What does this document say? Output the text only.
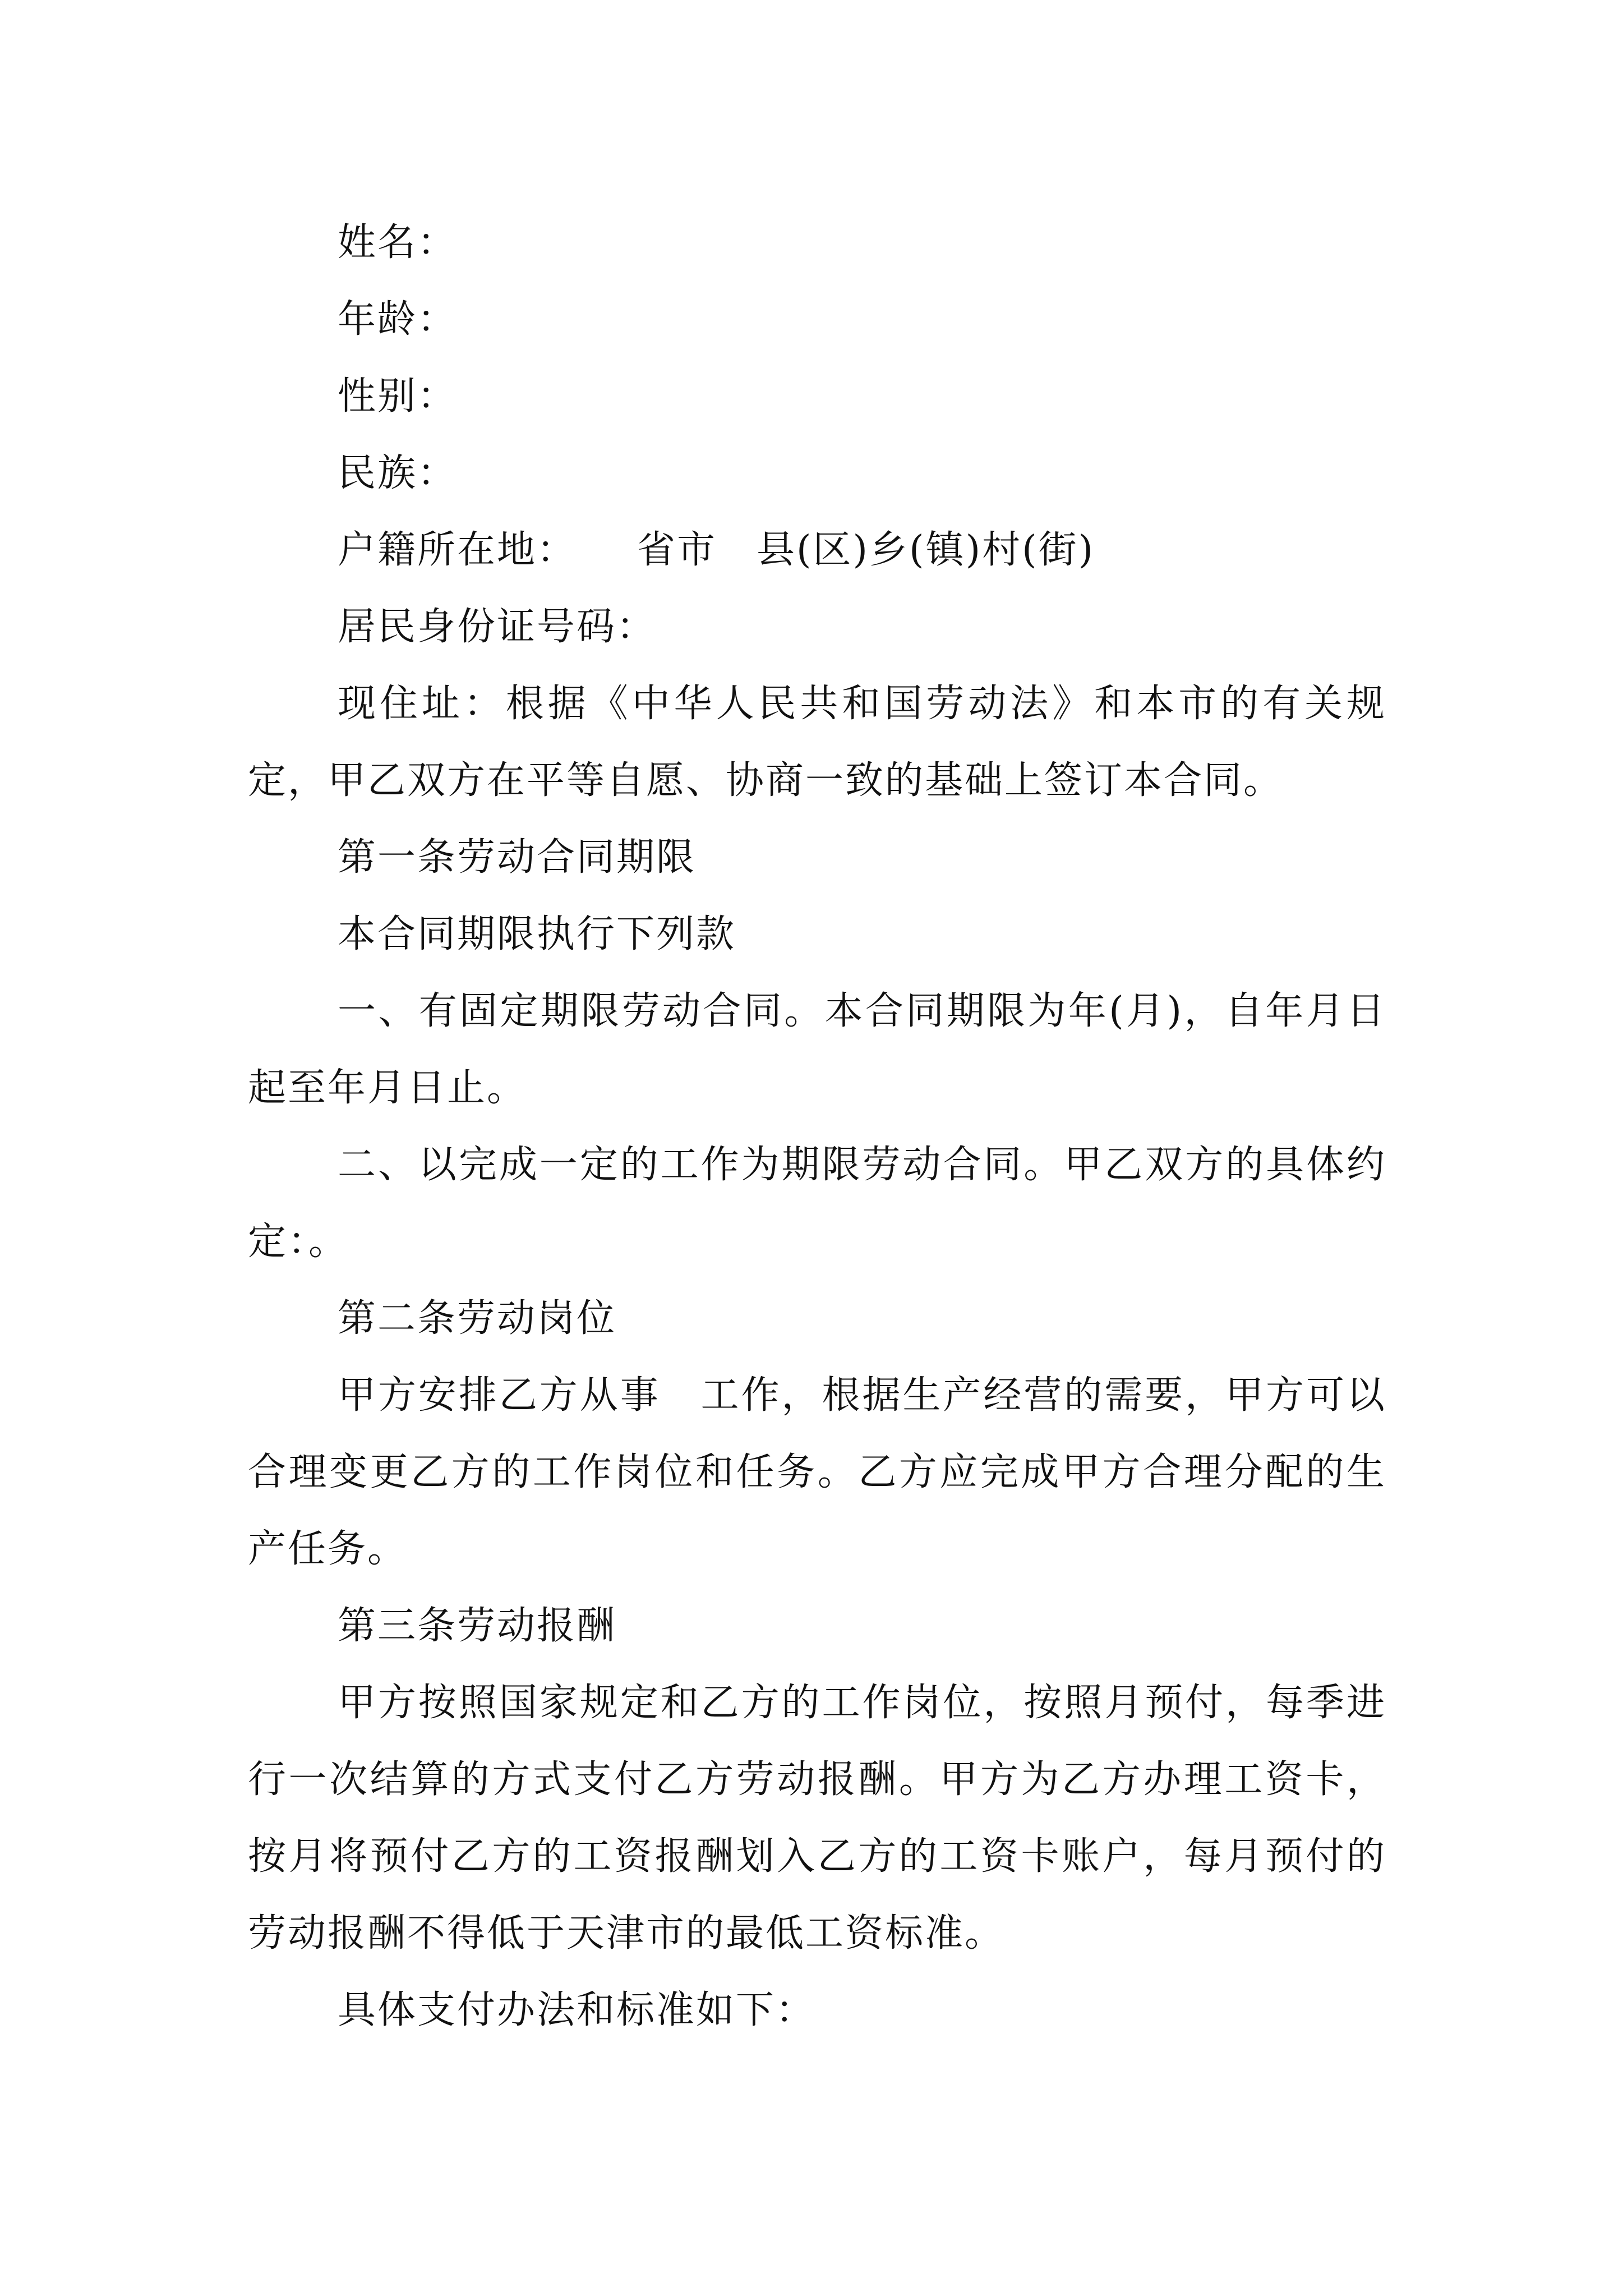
姓名：

年龄：

性别：

民族：

户籍所在地：　　省市　县(区)乡(镇)村(街)

居民身份证号码：

现住址：根据《中华人民共和国劳动法》和本市的有关规定，甲乙双方在平等自愿、协商一致的基础上签订本合同。

第一条劳动合同期限

本合同期限执行下列款

一、有固定期限劳动合同。本合同期限为年(月)，自年月日起至年月日止。

二、以完成一定的工作为期限劳动合同。甲乙双方的具体约定：。

第二条劳动岗位

甲方安排乙方从事　工作，根据生产经营的需要，甲方可以合理变更乙方的工作岗位和任务。乙方应完成甲方合理分配的生产任务。

第三条劳动报酬

甲方按照国家规定和乙方的工作岗位，按照月预付，每季进行一次结算的方式支付乙方劳动报酬。甲方为乙方办理工资卡，按月将预付乙方的工资报酬划入乙方的工资卡账户，每月预付的劳动报酬不得低于天津市的最低工资标准。

具体支付办法和标准如下：
